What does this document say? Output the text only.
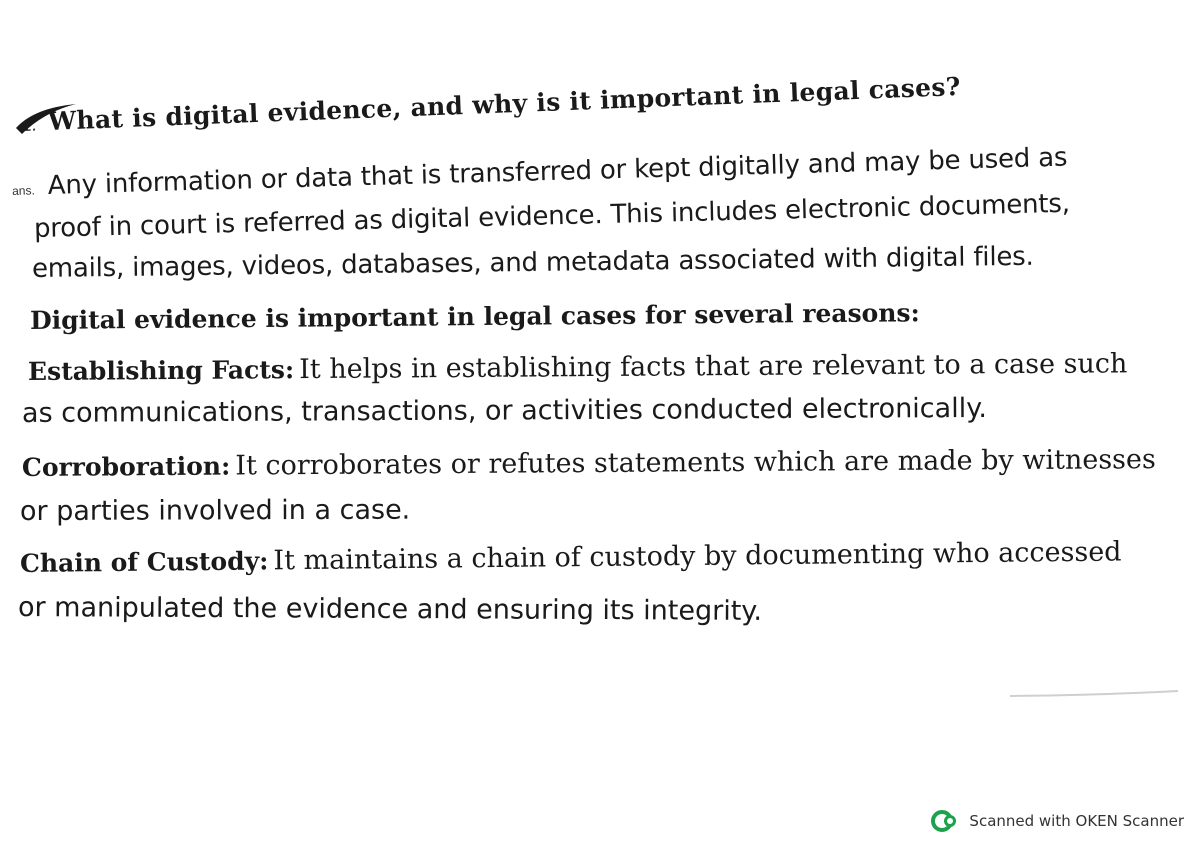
1. What is digital evidence, and why is it important in legal cases?
ans. Any information or data that is transferred or kept digitally and may be used as
proof in court is referred as digital evidence. This includes electronic documents,
emails, images, videos, databases, and metadata associated with digital files.
Digital evidence is important in legal cases for several reasons:
Establishing Facts: It helps in establishing facts that are relevant to a case such
as communications, transactions, or activities conducted electronically.
Corroboration: It corroborates or refutes statements which are made by witnesses
or parties involved in a case.
Chain of Custody: It maintains a chain of custody by documenting who accessed
or manipulated the evidence and ensuring its integrity.
Scanned with OKEN Scanner
